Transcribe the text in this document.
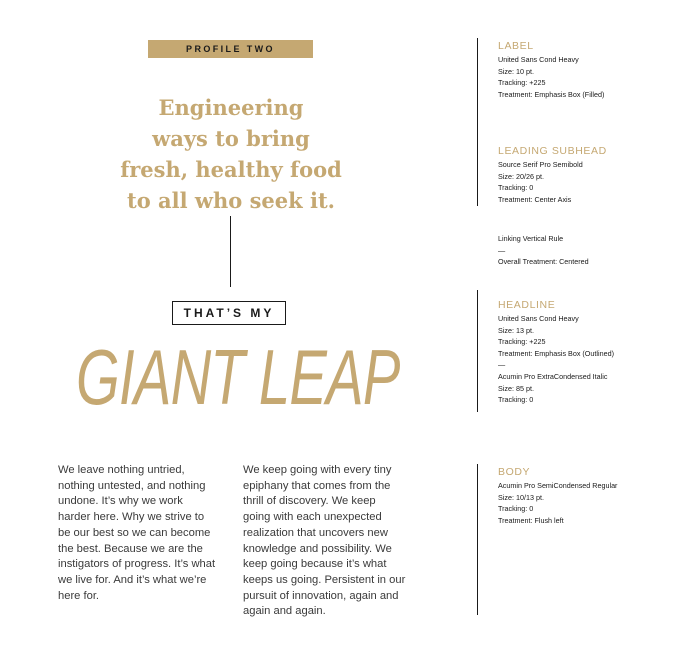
PROFILE TWO
Engineering
ways to bring
fresh, healthy food
to all who seek it.
THAT’S MY
GIANT LEAP
We leave nothing untried,
nothing untested, and nothing
undone. It’s why we work
harder here. Why we strive to
be our best so we can become
the best. Because we are the
instigators of progress. It’s what
we live for. And it’s what we’re
here for.
We keep going with every tiny
epiphany that comes from the
thrill of discovery. We keep
going with each unexpected
realization that uncovers new
knowledge and possibility. We
keep going because it’s what
keeps us going. Persistent in our
pursuit of innovation, again and
again and again.
LABEL
United Sans Cond Heavy
Size: 10 pt.
Tracking: +225
Treatment: Emphasis Box (Filled)
LEADING SUBHEAD
Source Serif Pro Semibold
Size: 20/26 pt.
Tracking: 0
Treatment: Center Axis
Linking Vertical Rule
—
Overall Treatment: Centered
HEADLINE
United Sans Cond Heavy
Size: 13 pt.
Tracking: +225
Treatment: Emphasis Box (Outlined)
—
Acumin Pro ExtraCondensed Italic
Size: 85 pt.
Tracking: 0
BODY
Acumin Pro SemiCondensed Regular
Size: 10/13 pt.
Tracking: 0
Treatment: Flush left
